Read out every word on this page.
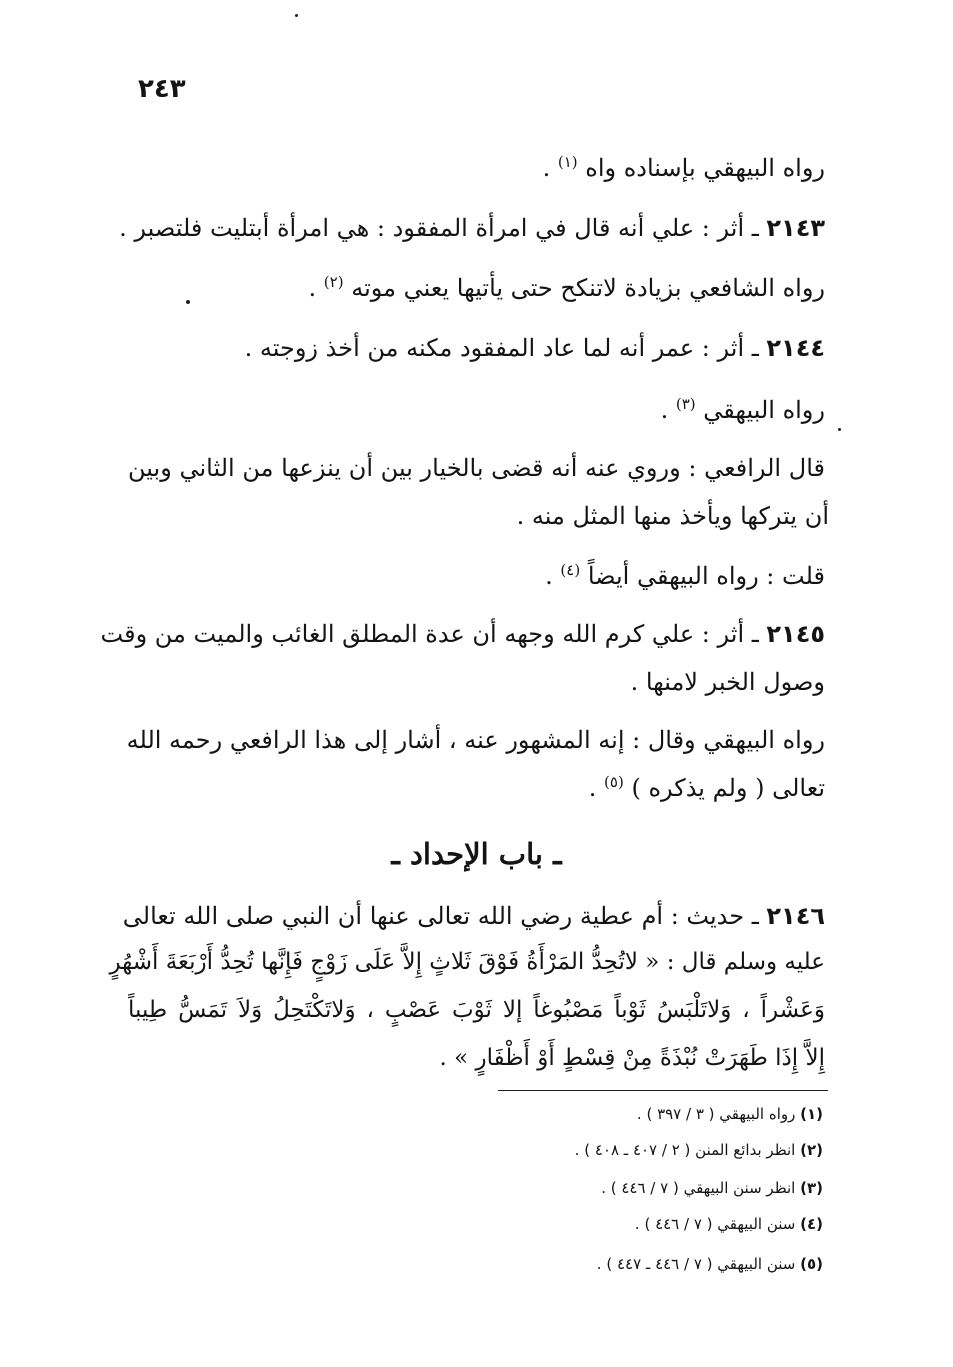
٢٤٣
رواه البيهقي بإسناده واه $^{(١)}$ .
٢١٤٣ ـ أثر : علي أنه قال في امرأة المفقود : هي امرأة أبتليت فلتصبر .
رواه الشافعي بزيادة لاتنكح حتى يأتيها يعني موته $^{(٢)}$ .
٢١٤٤ ـ أثر : عمر أنه لما عاد المفقود مكنه من أخذ زوجته .
رواه البيهقي $^{(٣)}$ .
قال الرافعي : وروي عنه أنه قضى بالخيار بين أن ينزعها من الثاني وبين
أن يتركها ويأخذ منها المثل منه .
قلت : رواه البيهقي أيضاً $^{(٤)}$ .
٢١٤٥ ـ أثر : علي كرم الله وجهه أن عدة المطلق الغائب والميت من وقت
وصول الخبر لامنها .
رواه البيهقي وقال : إنه المشهور عنه ، أشار إلى هذا الرافعي رحمه الله
تعالى ( ولم يذكره ) $^{(٥)}$ .
ـ باب الإحداد ـ
٢١٤٦ ـ حديث : أم عطية رضي الله تعالى عنها أن النبي صلى الله تعالى
عليه وسلم قال : « لاتُحِدُّ المَرْأَةُ فَوْقَ ثَلاثٍ إِلاَّ عَلَى زَوْجٍ فَإِنَّها تُحِدُّ أَرْبَعَةَ أَشْهُرٍ
وَعَشْراً ، وَلاتَلْبَسُ ثَوْباً مَصْبُوغاً إلا ثَوْبَ عَصْبٍ ، وَلاتَكْتَحِلُ وَلاَ تَمَسُّ طِيباً
إِلاَّ إِذَا طَهَرَتْ نُبْذَةً مِنْ قِسْطٍ أَوْ أَظْفَارٍ » .
(١) رواه البيهقي ( ٣ / ٣٩٧ ) .
(٢) انظر بدائع المنن ( ٢ / ٤٠٧ ـ ٤٠٨ ) .
(٣) انظر سنن البيهقي ( ٧ / ٤٤٦ ) .
(٤) سنن البيهقي ( ٧ / ٤٤٦ ) .
(٥) سنن البيهقي ( ٧ / ٤٤٦ ـ ٤٤٧ ) .
